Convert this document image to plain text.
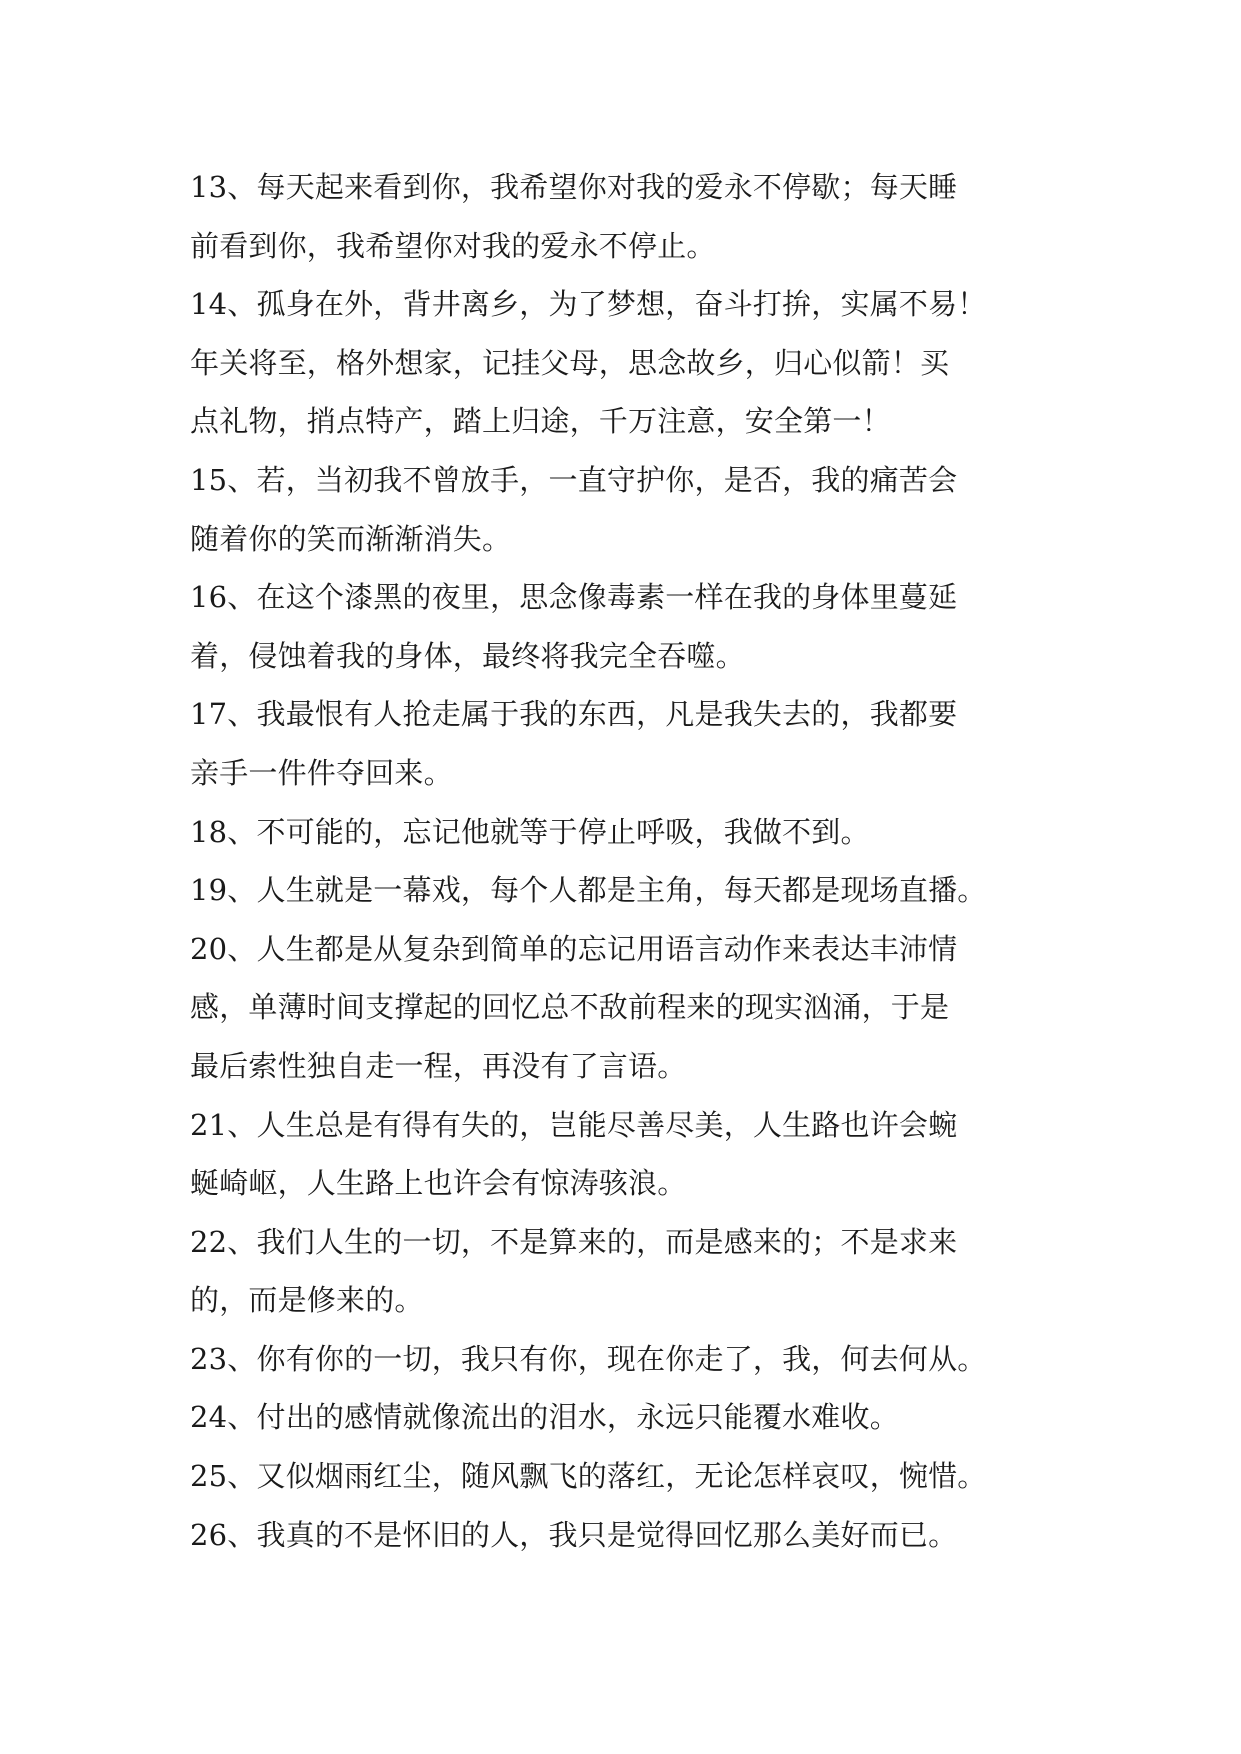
13、每天起来看到你，我希望你对我的爱永不停歇；每天睡
前看到你，我希望你对我的爱永不停止。
14、孤身在外，背井离乡，为了梦想，奋斗打拚，实属不易！
年关将至，格外想家，记挂父母，思念故乡，归心似箭！买
点礼物，捎点特产，踏上归途，千万注意，安全第一！
15、若，当初我不曾放手，一直守护你，是否，我的痛苦会
随着你的笑而渐渐消失。
16、在这个漆黑的夜里，思念像毒素一样在我的身体里蔓延
着，侵蚀着我的身体，最终将我完全吞噬。
17、我最恨有人抢走属于我的东西，凡是我失去的，我都要
亲手一件件夺回来。
18、不可能的，忘记他就等于停止呼吸，我做不到。
19、人生就是一幕戏，每个人都是主角，每天都是现场直播。
20、人生都是从复杂到简单的忘记用语言动作来表达丰沛情
感，单薄时间支撑起的回忆总不敌前程来的现实汹涌，于是
最后索性独自走一程，再没有了言语。
21、人生总是有得有失的，岂能尽善尽美，人生路也许会蜿
蜒崎岖，人生路上也许会有惊涛骇浪。
22、我们人生的一切，不是算来的，而是感来的；不是求来
的，而是修来的。
23、你有你的一切，我只有你，现在你走了，我，何去何从。
24、付出的感情就像流出的泪水，永远只能覆水难收。
25、又似烟雨红尘，随风飘飞的落红，无论怎样哀叹，惋惜。
26、我真的不是怀旧的人，我只是觉得回忆那么美好而已。
